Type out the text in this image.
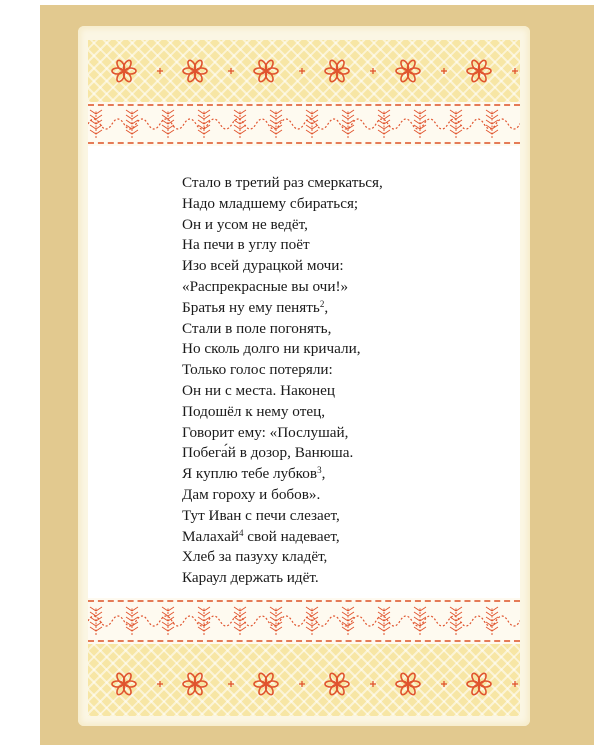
Стало в третий раз смеркаться,
Надо младшему сбираться;
Он и усом не ведёт,
На печи в углу поёт
Изо всей дурацкой мочи:
«Распрекрасные вы очи!»
Братья ну ему пенять$^2$,
Стали в поле погонять,
Но сколь долго ни кричали,
Только голос потеряли:
Он ни с места. Наконец
Подошёл к нему отец,
Говорит ему: «Послушай,
Побега́й в дозор, Ванюша.
Я куплю тебе лубков$^3$,
Дам гороху и бобов».
Тут Иван с печи слезает,
Малахай$^4$ свой надевает,
Хлеб за пазуху кладёт,
Караул держать идёт.
